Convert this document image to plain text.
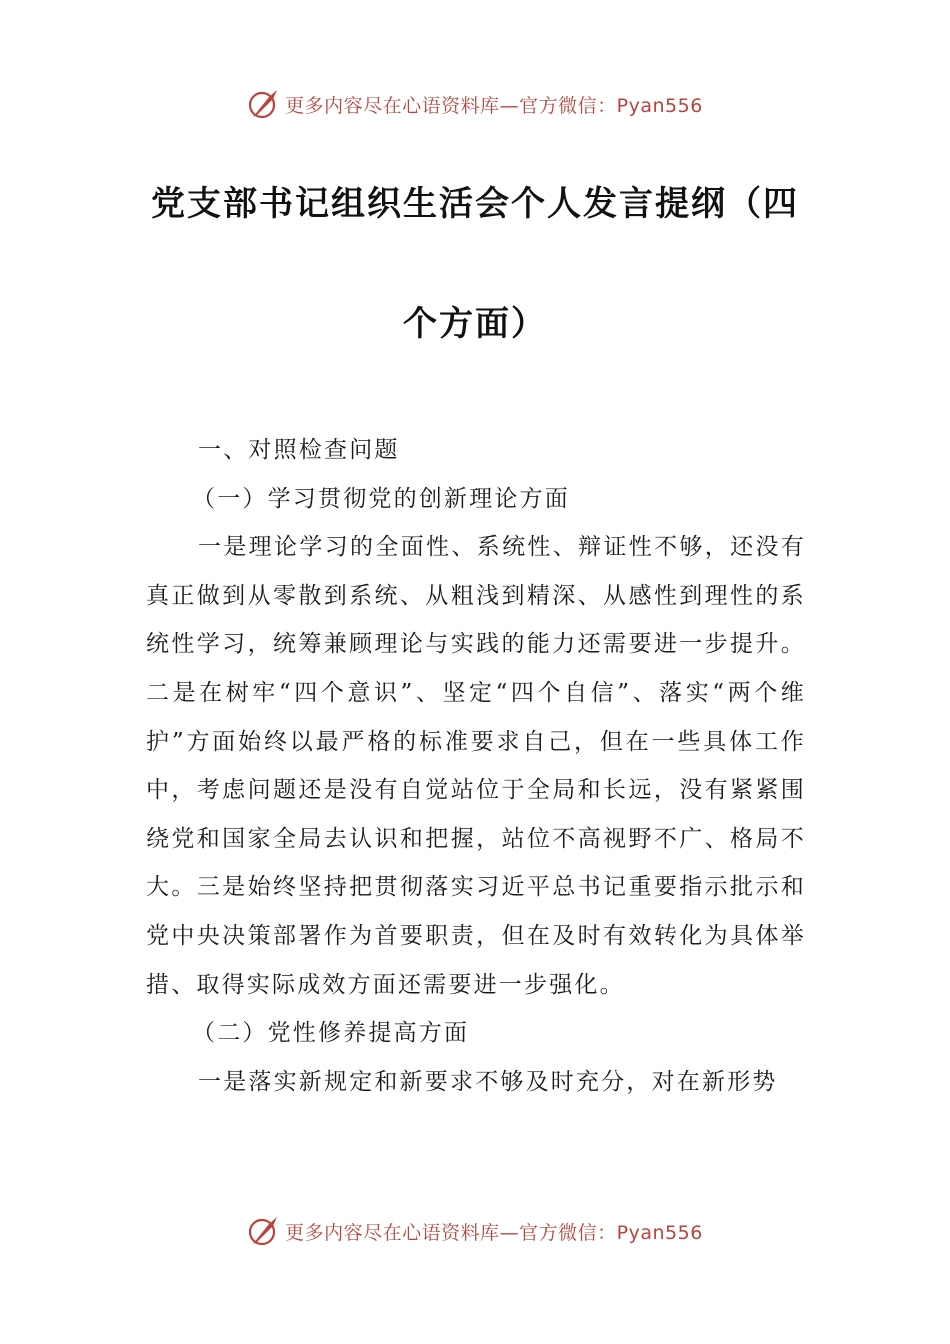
更多内容尽在心语资料库—官方微信：Pyan556
党支部书记组织生活会个人发言提纲（四
个方面）

一、对照检查问题

（一）学习贯彻党的创新理论方面

一是理论学习的全面性、系统性、辩证性不够，还没有真正做到从零散到系统、从粗浅到精深、从感性到理性的系统性学习，统筹兼顾理论与实践的能力还需要进一步提升。二是在树牢“四个意识”、坚定“四个自信”、落实“两个维护”方面始终以最严格的标准要求自己，但在一些具体工作中，考虑问题还是没有自觉站位于全局和长远，没有紧紧围绕党和国家全局去认识和把握，站位不高视野不广、格局不大。三是始终坚持把贯彻落实习近平总书记重要指示批示和党中央决策部署作为首要职责，但在及时有效转化为具体举措、取得实际成效方面还需要进一步强化。

（二）党性修养提高方面

一是落实新规定和新要求不够及时充分，对在新形势

更多内容尽在心语资料库—官方微信：Pyan556
